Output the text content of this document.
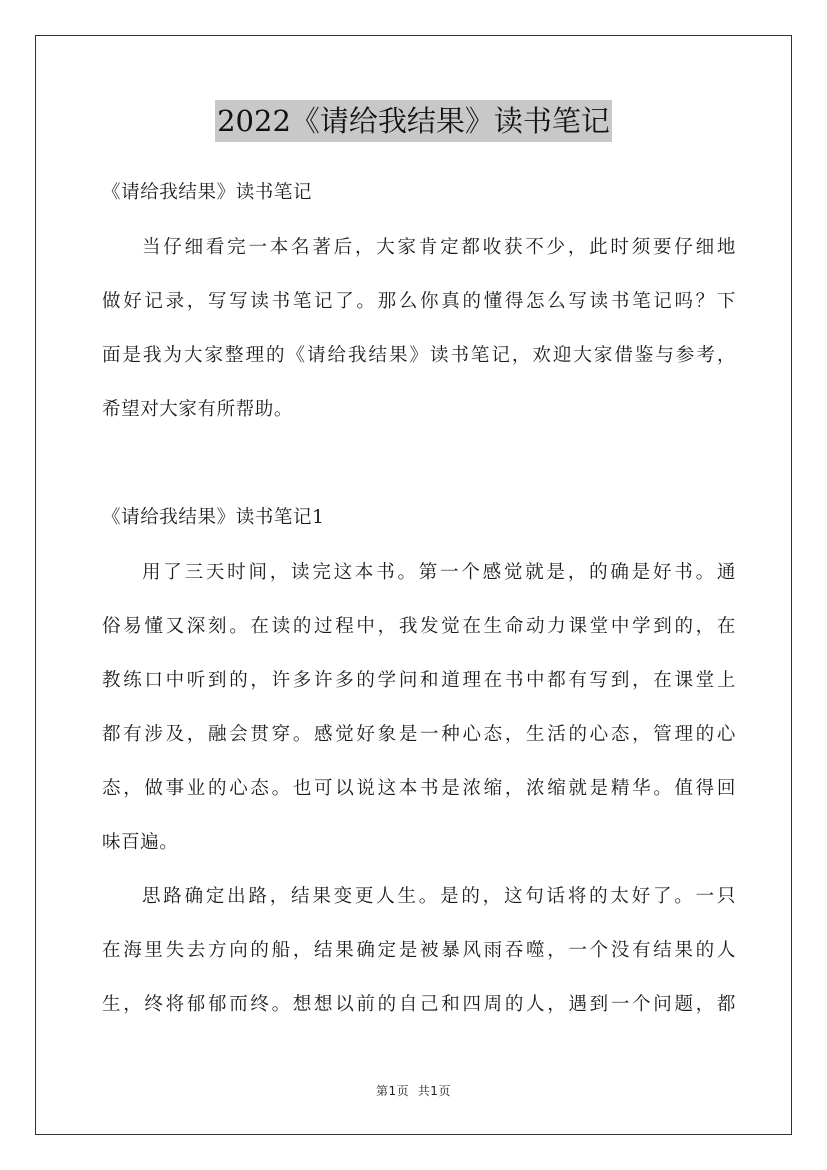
2022《请给我结果》读书笔记
《请给我结果》读书笔记
当仔细看完一本名著后，大家肯定都收获不少，此时须要仔细地
做好记录，写写读书笔记了。那么你真的懂得怎么写读书笔记吗？下
面是我为大家整理的《请给我结果》读书笔记，欢迎大家借鉴与参考，
希望对大家有所帮助。
《请给我结果》读书笔记1
用了三天时间，读完这本书。第一个感觉就是，的确是好书。通
俗易懂又深刻。在读的过程中，我发觉在生命动力课堂中学到的，在
教练口中听到的，许多许多的学问和道理在书中都有写到，在课堂上
都有涉及，融会贯穿。感觉好象是一种心态，生活的心态，管理的心
态，做事业的心态。也可以说这本书是浓缩，浓缩就是精华。值得回
味百遍。
思路确定出路，结果变更人生。是的，这句话将的太好了。一只
在海里失去方向的船，结果确定是被暴风雨吞噬，一个没有结果的人
生，终将郁郁而终。想想以前的自己和四周的人，遇到一个问题，都
第1页  共1页
